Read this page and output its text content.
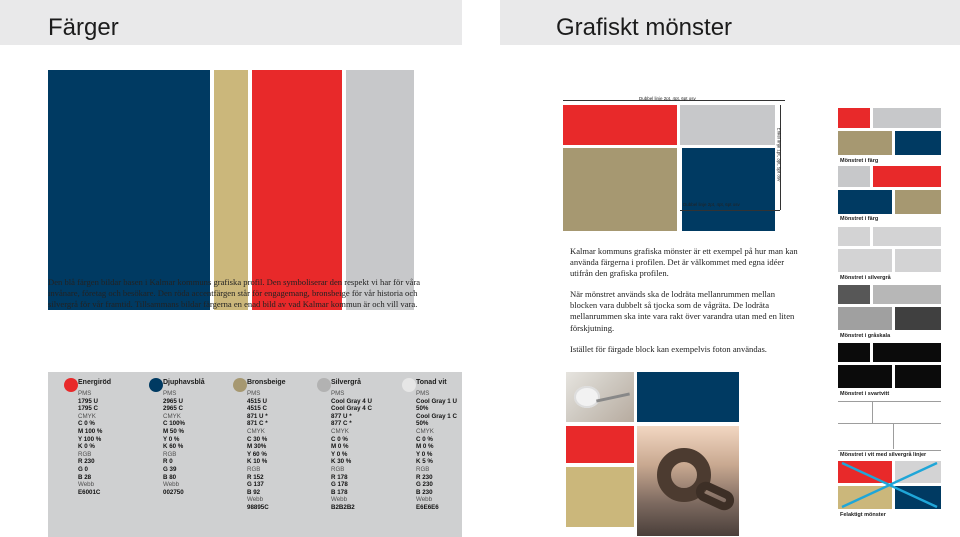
Färger
Den blå färgen bildar basen i Kalmar kommuns grafiska profil. Den symboliserar den respekt vi har för våra invånare, företag och besökare. Den röda accentfärgen står för engagemang, bronsbeige för vår historia och silvergrå för vår framtid. Tillsammans bildar färgerna en enad bild av vad Kalmar kommun är och vill vara.
Energiröd
PMS
1795 U
1795 C
CMYK
C 0 %
M 100 %
Y 100 %
K 0 %
RGB
R 230
G 0
B 28
Webb
E6001C
Djuphavsblå
PMS
2965 U
2965 C
CMYK
C 100%
M 50 %
Y 0 %
K 60 %
RGB
R 0
G 39
B 80
Webb
002750
Bronsbeige
PMS
4515 U
4515 C
871 U *
871 C *
CMYK
C 30 %
M 30%
Y 60 %
K 10 %
RGB
R 152
G 137
B 92
Webb
98895C
Silvergrå
PMS
Cool Gray 4 U
Cool Gray 4 C
877 U *
877 C *
CMYK
C 0 %
M 0 %
Y 0 %
K 30 %
RGB
R 178
G 178
B 178
Webb
B2B2B2
Tonad vit
PMS
Cool Gray 1 U
50%
Cool Gray 1 C
50%
CMYK
C 0 %
M 0 %
Y 0 %
K 5 %
RGB
R 230
G 230
B 230
Webb
E6E6E6
Grafiskt mönster
Dubbel linje 2pt, 4pt, 6pt osv
Enkel linje 1pt, 3pt, 5pt osv
Dubbel linje 2pt, 4pt, 6pt osv
Kalmar kommuns grafiska mönster är ett exempel på hur man kan använda färgerna i profilen. Det är välkommet med egna idéer utifrån den grafiska profilen.
När mönstret används ska de lodräta mellanrummen mellan blocken vara dubbelt så tjocka som de vågräta. De lodräta mellanrummen ska inte vara rakt över varandra utan med en liten förskjutning.
Istället för färgade block kan exempelvis foton användas.
Mönstret i färg
Mönstret i färg
Mönstret i silvergrå
Mönstret i gråskala
Mönstret i svartvitt
Mönstret i vit med silvergrå linjer
Felaktigt mönster
